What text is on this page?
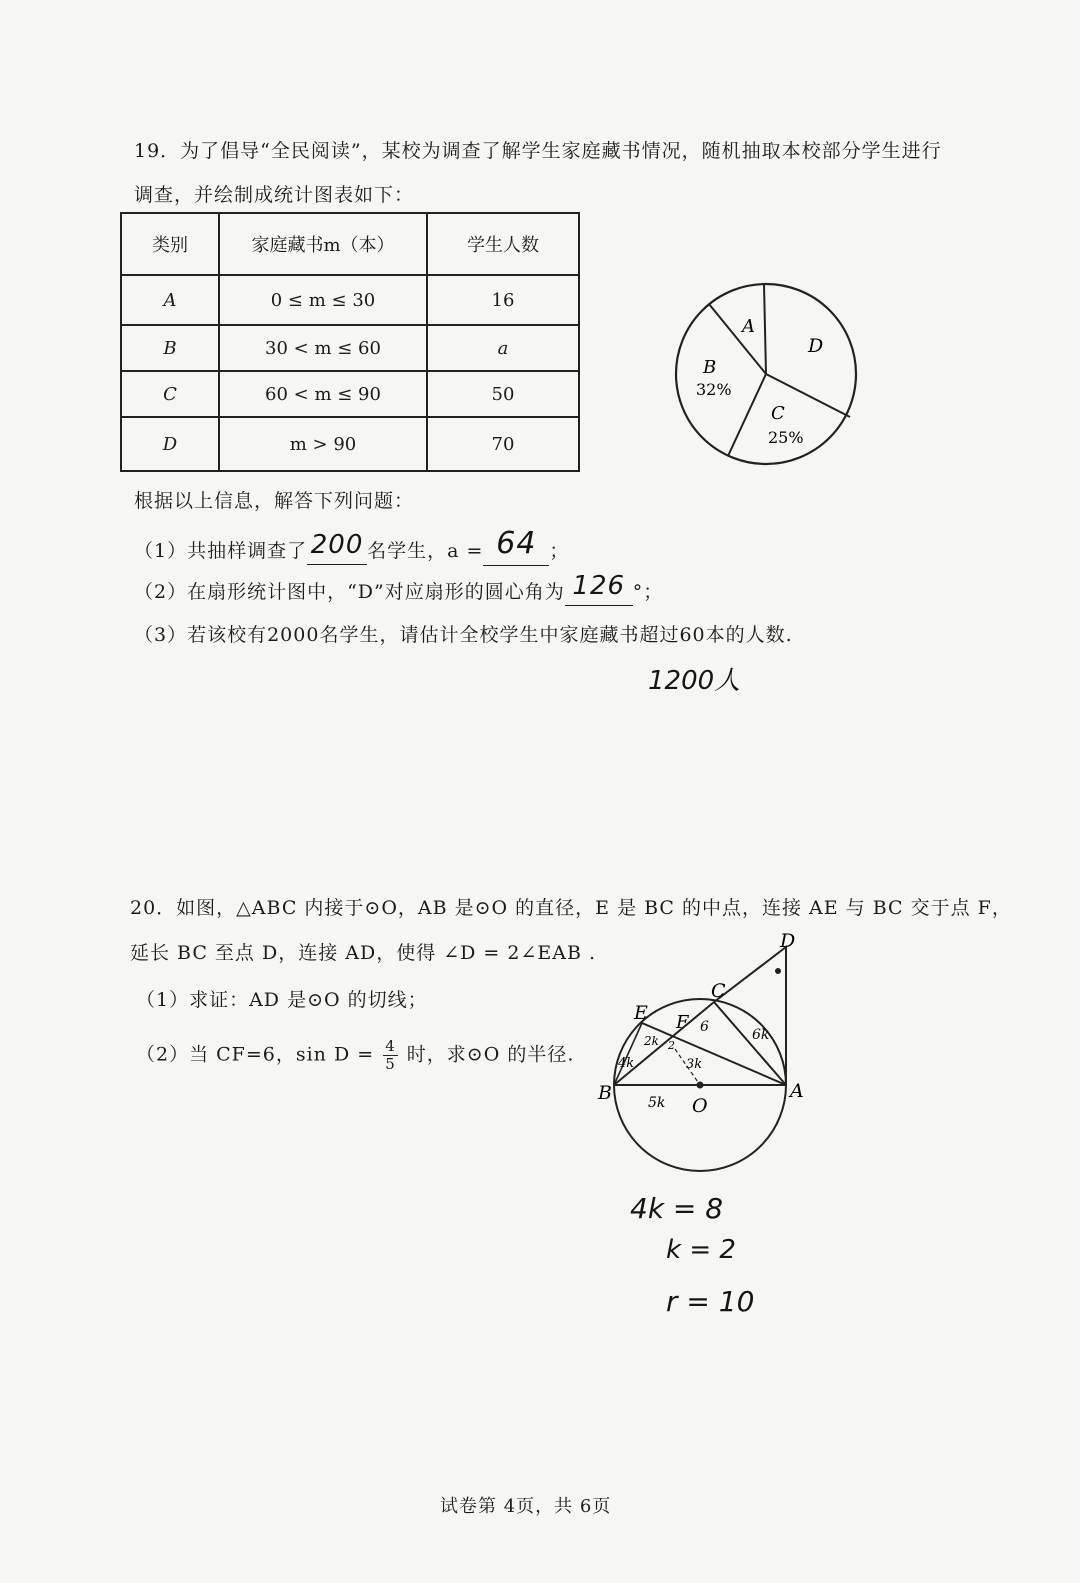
19．为了倡导“全民阅读”，某校为调查了解学生家庭藏书情况，随机抽取本校部分学生进行
调查，并绘制成统计图表如下：
类别	家庭藏书m（本）	学生人数
A	0 ≤ m ≤ 30	16
B	30 < m ≤ 60	a
C	60 < m ≤ 90	50
D	m > 90	70
A
B
32%
C
25%
D
根据以上信息，解答下列问题：
（1）共抽样调查了 200 名学生，a = 64 ；
（2）在扇形统计图中，“D”对应扇形的圆心角为 126 °；
（3）若该校有2000名学生，请估计全校学生中家庭藏书超过60本的人数.
1200人
20．如图，△ABC 内接于⊙O，AB 是⊙O 的直径，E 是 BC 的中点，连接 AE 与 BC 交于点 F，
延长 BC 至点 D，连接 AD，使得 ∠D = 2∠EAB .
（1）求证：AD 是⊙O 的切线；
（2）当 CF=6，$\sin D = \frac{4}{5}$ 时，求⊙O 的半径.
D
C
E F
B	A
O
6	6k
2k 2
3k
4k
5k
4k = 8
k = 2
r = 10
试卷第 4页，共 6页
